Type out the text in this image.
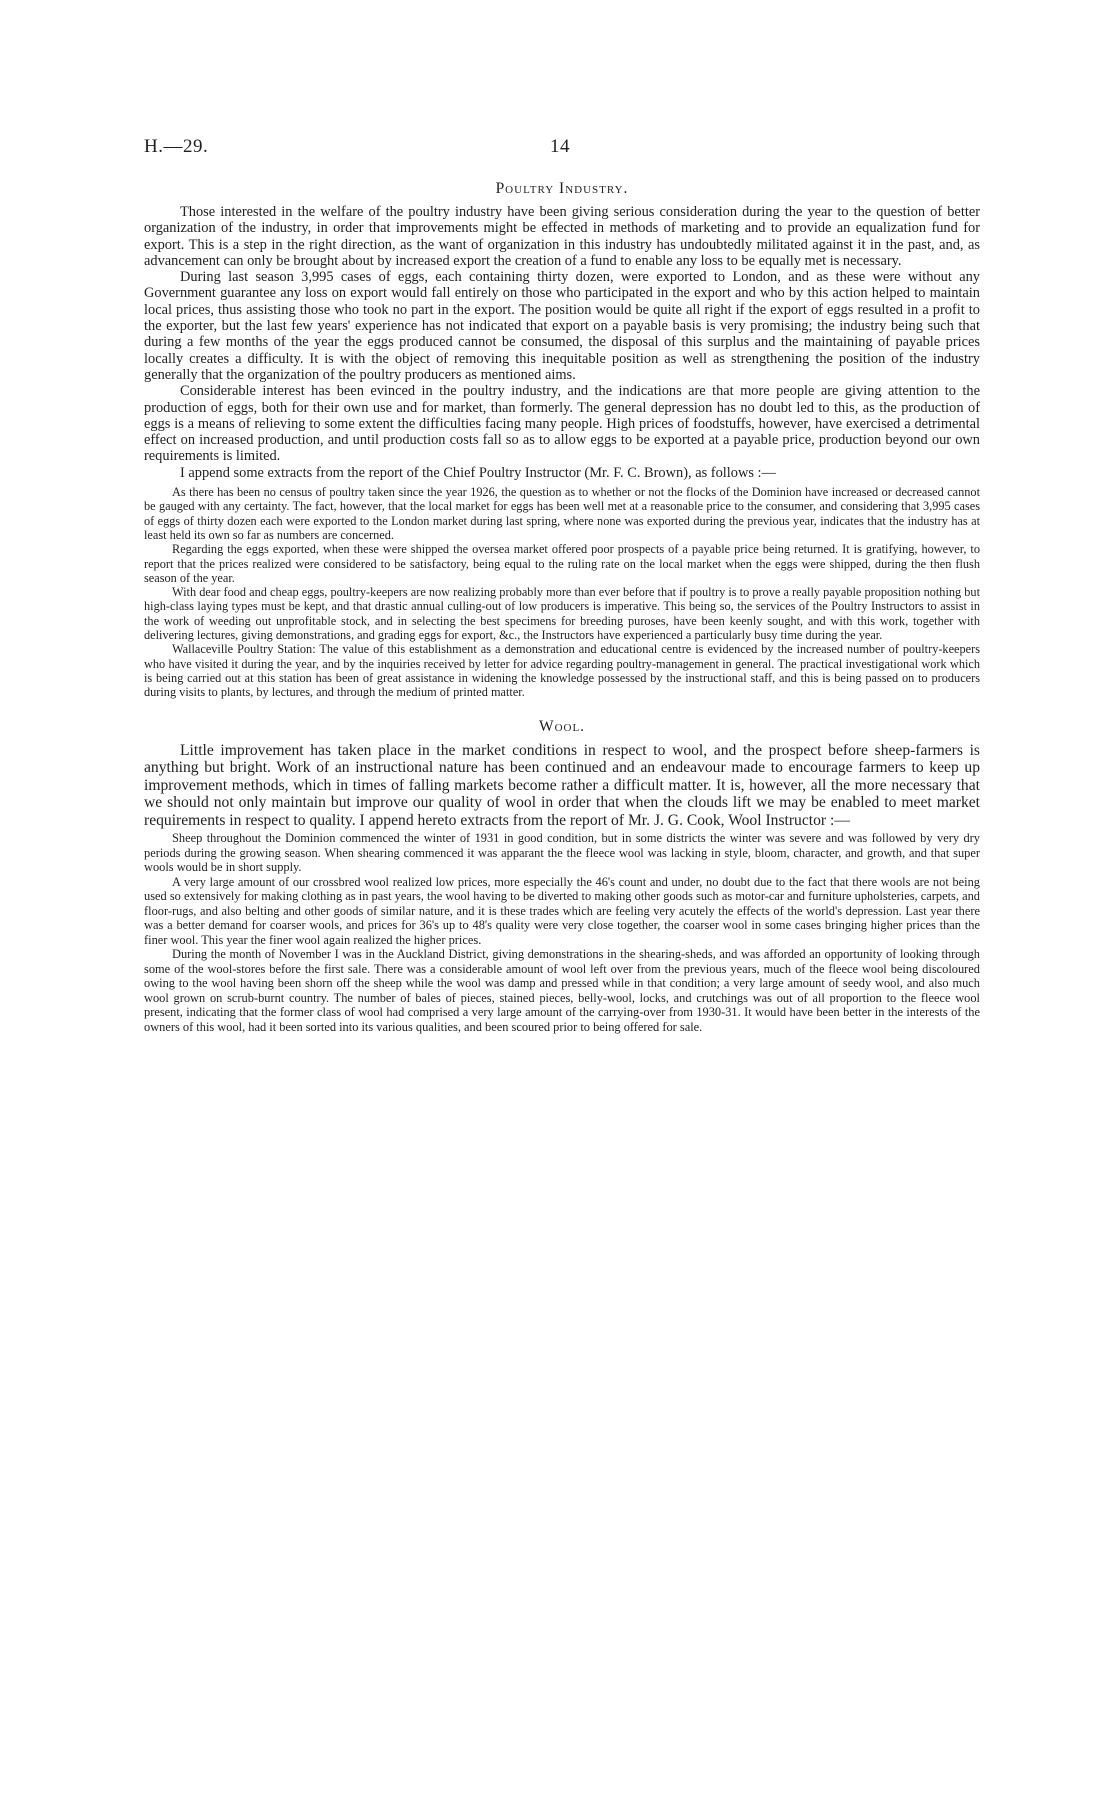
H.—29.	14
Poultry Industry.

Those interested in the welfare of the poultry industry have been giving serious consideration during the year to the question of better organization of the industry, in order that improvements might be effected in methods of marketing and to provide an equalization fund for export. This is a step in the right direction, as the want of organization in this industry has undoubtedly militated against it in the past, and, as advancement can only be brought about by increased export the creation of a fund to enable any loss to be equally met is necessary.

During last season 3,995 cases of eggs, each containing thirty dozen, were exported to London, and as these were without any Government guarantee any loss on export would fall entirely on those who participated in the export and who by this action helped to maintain local prices, thus assisting those who took no part in the export. The position would be quite all right if the export of eggs resulted in a profit to the exporter, but the last few years' experience has not indicated that export on a payable basis is very promising; the industry being such that during a few months of the year the eggs produced cannot be consumed, the disposal of this surplus and the maintaining of payable prices locally creates a difficulty. It is with the object of removing this inequitable position as well as strengthening the position of the industry generally that the organization of the poultry producers as mentioned aims.

Considerable interest has been evinced in the poultry industry, and the indications are that more people are giving attention to the production of eggs, both for their own use and for market, than formerly. The general depression has no doubt led to this, as the production of eggs is a means of relieving to some extent the difficulties facing many people. High prices of foodstuffs, however, have exercised a detrimental effect on increased production, and until production costs fall so as to allow eggs to be exported at a payable price, production beyond our own requirements is limited.

I append some extracts from the report of the Chief Poultry Instructor (Mr. F. C. Brown), as follows :—

As there has been no census of poultry taken since the year 1926, the question as to whether or not the flocks of the Dominion have increased or decreased cannot be gauged with any certainty. The fact, however, that the local market for eggs has been well met at a reasonable price to the consumer, and considering that 3,995 cases of eggs of thirty dozen each were exported to the London market during last spring, where none was exported during the previous year, indicates that the industry has at least held its own so far as numbers are concerned.

Regarding the eggs exported, when these were shipped the oversea market offered poor prospects of a payable price being returned. It is gratifying, however, to report that the prices realized were considered to be satisfactory, being equal to the ruling rate on the local market when the eggs were shipped, during the then flush season of the year.

With dear food and cheap eggs, poultry-keepers are now realizing probably more than ever before that if poultry is to prove a really payable proposition nothing but high-class laying types must be kept, and that drastic annual culling-out of low producers is imperative. This being so, the services of the Poultry Instructors to assist in the work of weeding out unprofitable stock, and in selecting the best specimens for breeding puroses, have been keenly sought, and with this work, together with delivering lectures, giving demonstrations, and grading eggs for export, &c., the Instructors have experienced a particularly busy time during the year.

Wallaceville Poultry Station: The value of this establishment as a demonstration and educational centre is evidenced by the increased number of poultry-keepers who have visited it during the year, and by the inquiries received by letter for advice regarding poultry-management in general. The practical investigational work which is being carried out at this station has been of great assistance in widening the knowledge possessed by the instructional staff, and this is being passed on to producers during visits to plants, by lectures, and through the medium of printed matter.

Wool.

Little improvement has taken place in the market conditions in respect to wool, and the prospect before sheep-farmers is anything but bright. Work of an instructional nature has been continued and an endeavour made to encourage farmers to keep up improvement methods, which in times of falling markets become rather a difficult matter. It is, however, all the more necessary that we should not only maintain but improve our quality of wool in order that when the clouds lift we may be enabled to meet market requirements in respect to quality. I append hereto extracts from the report of Mr. J. G. Cook, Wool Instructor :—

Sheep throughout the Dominion commenced the winter of 1931 in good condition, but in some districts the winter was severe and was followed by very dry periods during the growing season. When shearing commenced it was apparant the the fleece wool was lacking in style, bloom, character, and growth, and that super wools would be in short supply.

A very large amount of our crossbred wool realized low prices, more especially the 46's count and under, no doubt due to the fact that there wools are not being used so extensively for making clothing as in past years, the wool having to be diverted to making other goods such as motor-car and furniture upholsteries, carpets, and floor-rugs, and also belting and other goods of similar nature, and it is these trades which are feeling very acutely the effects of the world's depression. Last year there was a better demand for coarser wools, and prices for 36's up to 48's quality were very close together, the coarser wool in some cases bringing higher prices than the finer wool. This year the finer wool again realized the higher prices.

During the month of November I was in the Auckland District, giving demonstrations in the shearing-sheds, and was afforded an opportunity of looking through some of the wool-stores before the first sale. There was a considerable amount of wool left over from the previous years, much of the fleece wool being discoloured owing to the wool having been shorn off the sheep while the wool was damp and pressed while in that condition; a very large amount of seedy wool, and also much wool grown on scrub-burnt country. The number of bales of pieces, stained pieces, belly-wool, locks, and crutchings was out of all proportion to the fleece wool present, indicating that the former class of wool had comprised a very large amount of the carrying-over from 1930-31. It would have been better in the interests of the owners of this wool, had it been sorted into its various qualities, and been scoured prior to being offered for sale.
